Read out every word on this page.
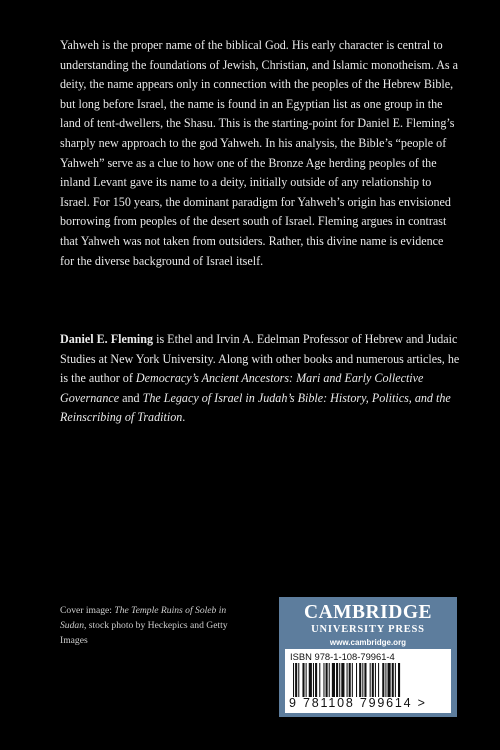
Yahweh is the proper name of the biblical God. His early character is central to understanding the foundations of Jewish, Christian, and Islamic monotheism. As a deity, the name appears only in connection with the peoples of the Hebrew Bible, but long before Israel, the name is found in an Egyptian list as one group in the land of tent-dwellers, the Shasu. This is the starting-point for Daniel E. Fleming’s sharply new approach to the god Yahweh. In his analysis, the Bible’s “people of Yahweh” serve as a clue to how one of the Bronze Age herding peoples of the inland Levant gave its name to a deity, initially outside of any relationship to Israel. For 150 years, the dominant paradigm for Yahweh’s origin has envisioned borrowing from peoples of the desert south of Israel. Fleming argues in contrast that Yahweh was not taken from outsiders. Rather, this divine name is evidence for the diverse background of Israel itself.

Daniel E. Fleming is Ethel and Irvin A. Edelman Professor of Hebrew and Judaic Studies at New York University. Along with other books and numerous articles, he is the author of Democracy’s Ancient Ancestors: Mari and Early Collective Governance and The Legacy of Israel in Judah’s Bible: History, Politics, and the Reinscribing of Tradition.

Cover image: The Temple Ruins of Soleb in Sudan, stock photo by Heckepics and Getty Images

CAMBRIDGE
UNIVERSITY PRESS
www.cambridge.org
ISBN 978-1-108-79961-4
9 781108 799614 >
